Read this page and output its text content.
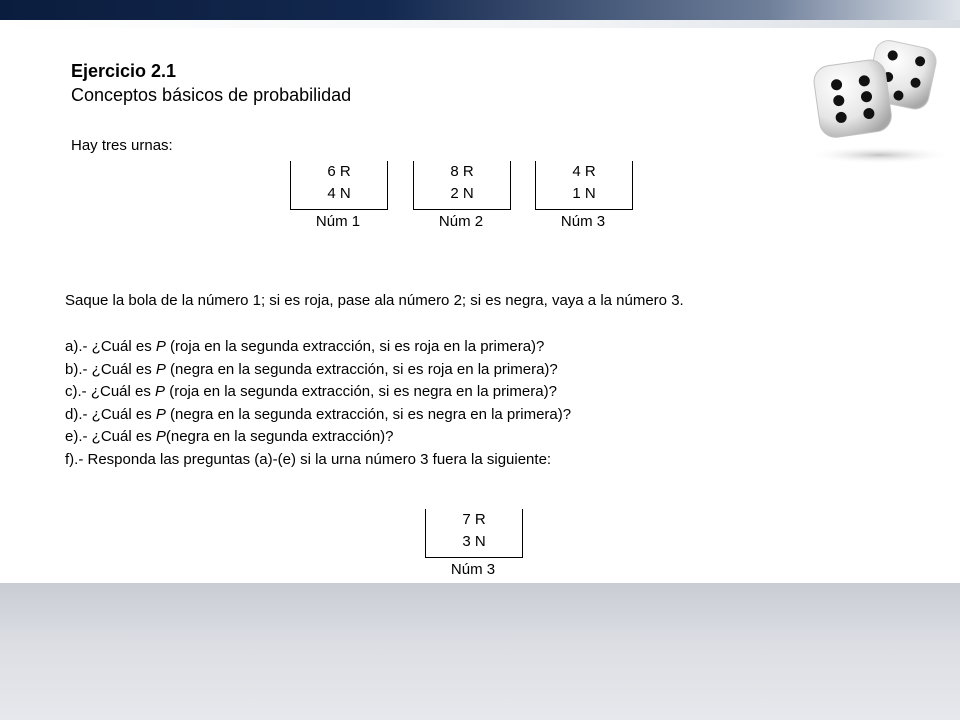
Ejercicio 2.1
Conceptos básicos de probabilidad

Hay tres urnas:

6 R
4 N
Núm 1
8 R
2 N
Núm 2
4 R
1 N
Núm 3

Saque la bola de la número 1; si es roja, pase ala número 2; si es negra, vaya a la número 3.

a).- ¿Cuál es P (roja en la segunda extracción, si es roja en la primera)?
b).- ¿Cuál es P (negra en la segunda extracción, si es roja en la primera)?
c).- ¿Cuál es P (roja en la segunda extracción, si es negra en la primera)?
d).- ¿Cuál es P (negra en la segunda extracción, si es negra en la primera)?
e).- ¿Cuál es P(negra en la segunda extracción)?
f).- Responda las preguntas (a)-(e) si la urna número 3 fuera la siguiente:
7 R
3 N
Núm 3
